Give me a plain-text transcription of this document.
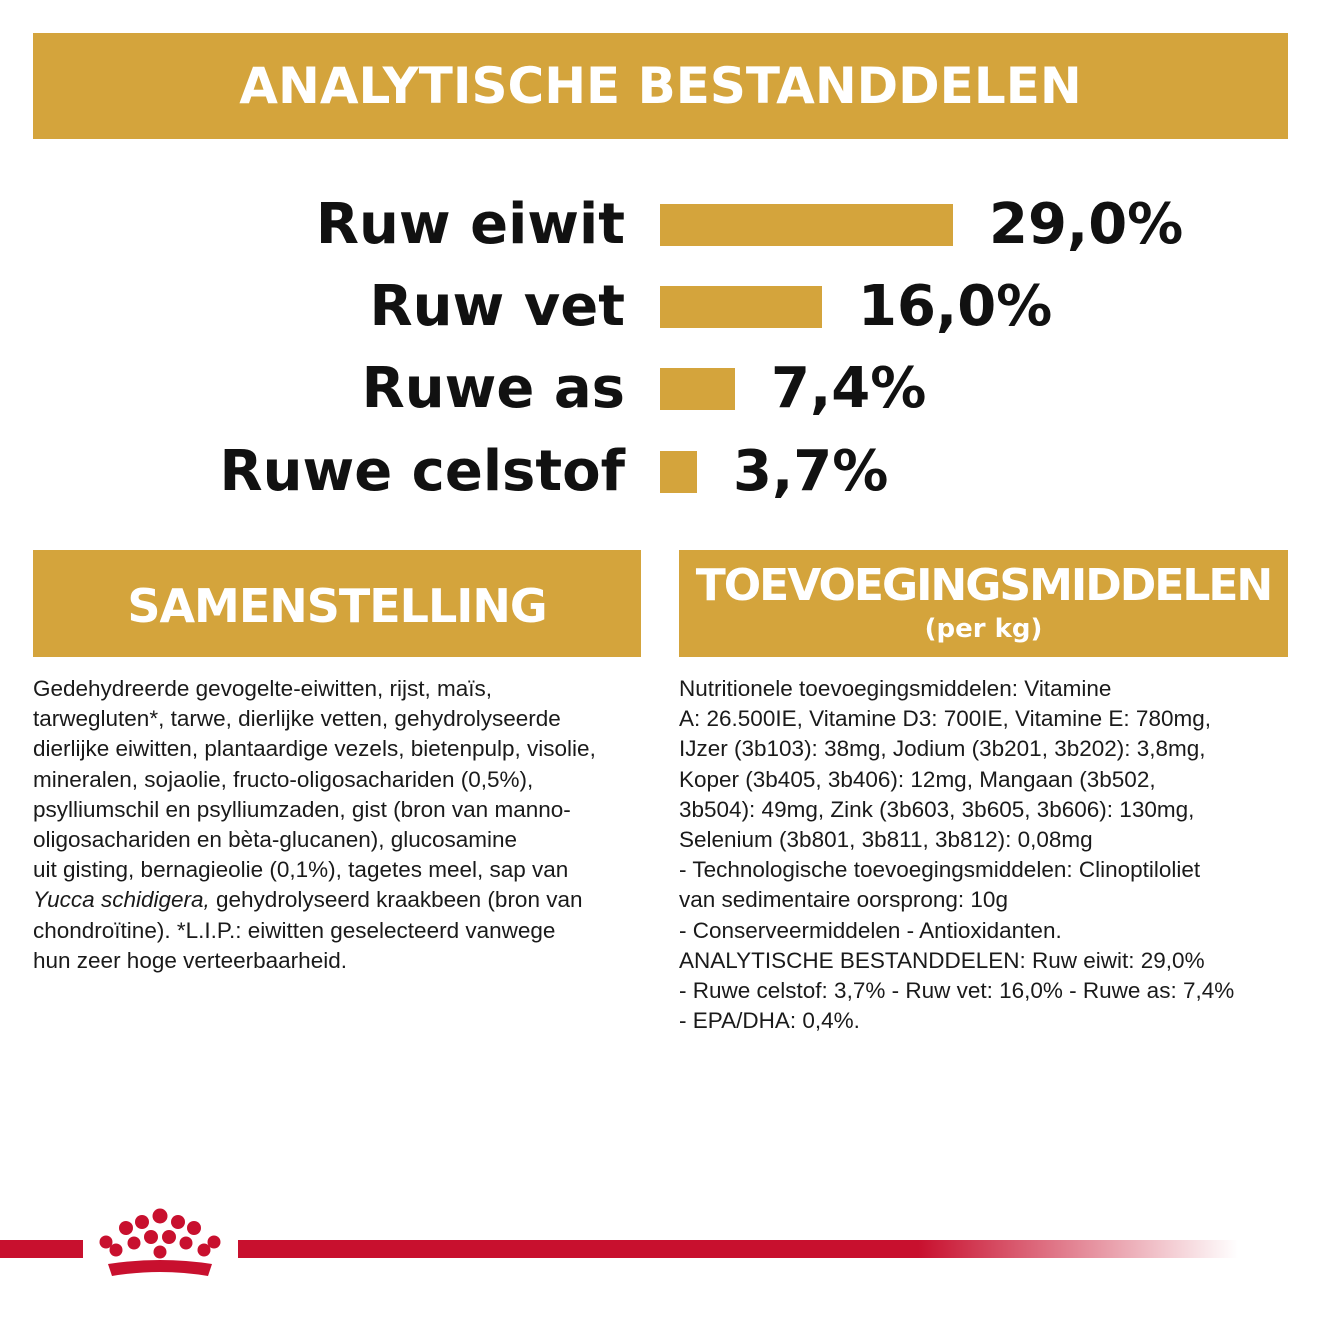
ANALYTISCHE BESTANDDELEN
Ruw eiwit	29,0%
Ruw vet	16,0%
Ruwe as	7,4%
Ruwe celstof 3,7%
SAMENSTELLING	TOEVOEGINGSMIDDELEN
(per kg)
Gedehydreerde gevogelte-eiwitten, rijst, maïs,
tarwegluten*, tarwe, dierlijke vetten, gehydrolyseerde
dierlijke eiwitten, plantaardige vezels, bietenpulp, visolie,
mineralen, sojaolie, fructo-oligosachariden (0,5%),
psylliumschil en psylliumzaden, gist (bron van manno-
oligosachariden en bèta-glucanen), glucosamine
uit gisting, bernagieolie (0,1%), tagetes meel, sap van
Yucca schidigera, gehydrolyseerd kraakbeen (bron van
chondroïtine). *L.I.P.: eiwitten geselecteerd vanwege
hun zeer hoge verteerbaarheid.
Nutritionele toevoegingsmiddelen: Vitamine
A: 26.500IE, Vitamine D3: 700IE, Vitamine E: 780mg,
IJzer (3b103): 38mg, Jodium (3b201, 3b202): 3,8mg,
Koper (3b405, 3b406): 12mg, Mangaan (3b502,
3b504): 49mg, Zink (3b603, 3b605, 3b606): 130mg,
Selenium (3b801, 3b811, 3b812): 0,08mg
- Technologische toevoegingsmiddelen: Clinoptiloliet
van sedimentaire oorsprong: 10g
- Conserveermiddelen - Antioxidanten.
ANALYTISCHE BESTANDDELEN: Ruw eiwit: 29,0%
- Ruwe celstof: 3,7% - Ruw vet: 16,0% - Ruwe as: 7,4%
- EPA/DHA: 0,4%.
